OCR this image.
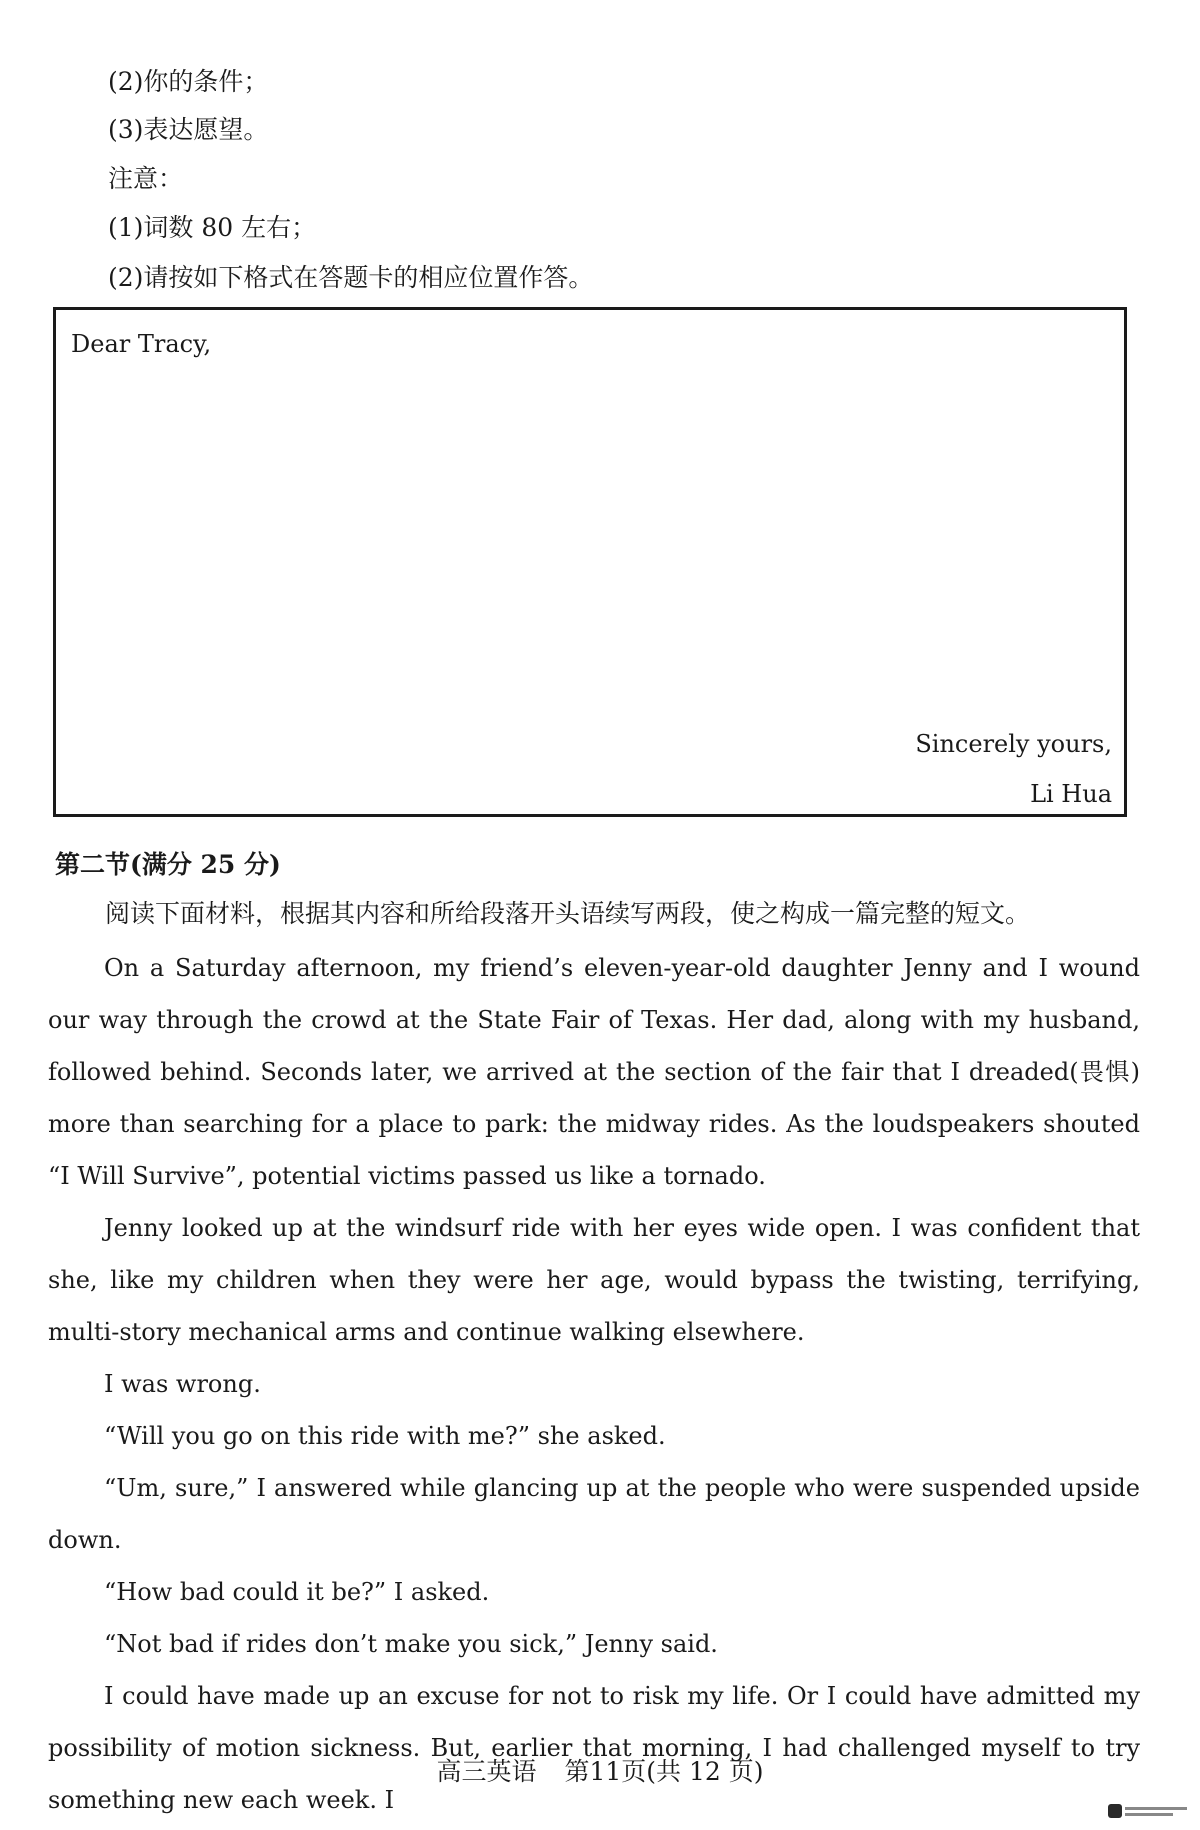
(2)你的条件；
(3)表达愿望。
注意：
(1)词数 80 左右；
(2)请按如下格式在答题卡的相应位置作答。
Dear Tracy,
Sincerely yours,
Li Hua
第二节(满分 25 分)
阅读下面材料，根据其内容和所给段落开头语续写两段，使之构成一篇完整的短文。

On a Saturday afternoon, my friend’s eleven-year-old daughter Jenny and I wound our way through the crowd at the State Fair of Texas. Her dad, along with my husband, followed behind. Seconds later, we arrived at the section of the fair that I dreaded(畏惧) more than searching for a place to park: the midway rides. As the loudspeakers shouted “I Will Survive”, potential victims passed us like a tornado.

Jenny looked up at the windsurf ride with her eyes wide open. I was confident that she, like my children when they were her age, would bypass the twisting, terrifying, multi-story mechanical arms and continue walking elsewhere.

I was wrong.

“Will you go on this ride with me?” she asked.

“Um, sure,” I answered while glancing up at the people who were suspended upside down.

“How bad could it be?” I asked.

“Not bad if rides don’t make you sick,” Jenny said.

I could have made up an excuse for not to risk my life. Or I could have admitted my possibility of motion sickness. But, earlier that morning, I had challenged myself to try something new each week. I

高三英语 第11页(共 12 页)
